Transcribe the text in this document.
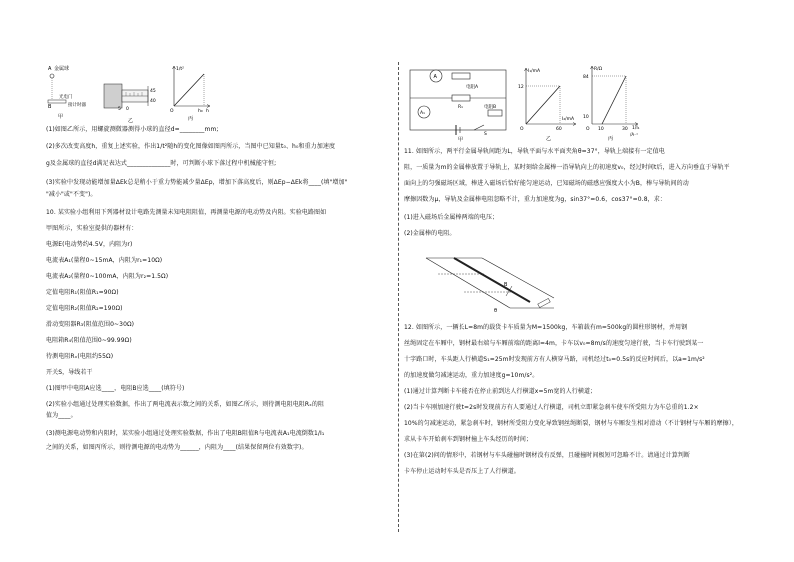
A 金属球
B
光电门
接计时器
甲
5 0
45
40
乙
1/t²
h
O	h₀
丙
(1)如图乙所示，用螺旋测微器测得小球的直径d=________mm;
(2)多次改变高度h，重复上述实验，作出1/t²随h的变化图像如图丙所示，当图中已知量t₀、h₀和重力加速度
g及金属球的直径d满足表达式______________时，可判断小球下落过程中机械能守恒;
(3)实验中发现动能增加量ΔEk总是稍小于重力势能减少量ΔEp，增加下落高度后，则ΔEp−ΔEk将____(填"增加"
"减小"或"不变")。
10. 某实验小组利用下列器材设计电路先测量未知电阻阻值，再测量电源的电动势及内阻。实验电路图如
甲图所示，实验室提供的器材有：
电源E(电动势约4.5V，内阻为r)
电流表A₁(量程0~15mA，内阻为r₁=10Ω)
电流表A₂(量程0~100mA，内阻为r₂=1.5Ω)
定值电阻R₁(阻值R₁=90Ω)
定值电阻R₂(阻值R₂=190Ω)
滑动变阻器R₃(阻值范围0~30Ω)
电阻箱R₄(阻值范围0~99.99Ω)
待测电阻Rₓ(电阻约55Ω)
开关S，导线若干
(1)图甲中电阻A应选____，电阻B应选____(填符号)
(2)实验小组通过处理实验数据，作出了两电流表示数之间的关系，如图乙所示，则待测电阻电阻Rₓ的阻
值为____。
(3)测电源电动势和内阻时，某实验小组通过处理实验数据，作出了电阻B阻值R与电流表A₁电流倒数1/I₁
之间的关系，如图丙所示，则待测电源的电动势为______，内阻为____(结果保留两位有效数字)。
A
电阻A
R₁
A₁
电阻B
S
甲
I₁/mA
I₂/mA
12
60
O
乙
R/Ω
84
10
10	30
O	1/I₁
/A⁻¹
丙
11. 如图所示，两平行金属导轨间距为L，导轨平面与水平面夹角θ=37°，导轨上端接有一定值电
阻，一质量为m的金属棒放置于导轨上，某时刻给金属棒一沿导轨向上的初速度v₀，经过时间t后，进入方向垂直于导轨平
面向上的匀强磁场区域，棒进入磁场后恰好能匀速运动，已知磁场的磁感应强度大小为B，棒与导轨间的动
摩擦因数为μ，导轨及金属棒电阻忽略不计，重力加速度为g，sin37°=0.6，cos37°=0.8，求：
(1)进入磁场后金属棒两端的电压；
(2)金属棒的电阻。
B
θ
12. 如图所示，一辆长L=8m的载货卡车质量为M=1500kg，车箱载有m=500kg的圆柱形钢材，并用钢
丝绳固定在车厢中，钢材最右端与车厢前端的距离l=4m，卡车以v₀=8m/s的速度匀速行驶，当卡车行驶到某一
十字路口时，车头距人行横道S₁=25m时发现前方有人横穿马路，司机经过t₀=0.5s的反应时间后，以a=1m/s²
的加速度做匀减速运动，重力加速度g=10m/s²。
(1)通过计算判断卡车能否在停止前到达人行横道x=5m宽的人行横道；
(2)当卡车刚加速行驶t=2s时发现前方有人要通过人行横道，司机立即紧急刹车使车所受阻力为车总重的1.2×
10%的匀减速运动，紧急刹车时，钢材所受阻力变化导致钢丝绳断裂，钢材与车厢发生相对滑动（不计钢材与车厢的摩擦），
求从卡车开始刹车到钢材撞上车头经历的时间；
(3)在第(2)问的情形中，若钢材与车头碰撞时钢材没有反弹，且碰撞时间极短可忽略不计。请通过计算判断
卡车停止运动时车头是否压上了人行横道。
